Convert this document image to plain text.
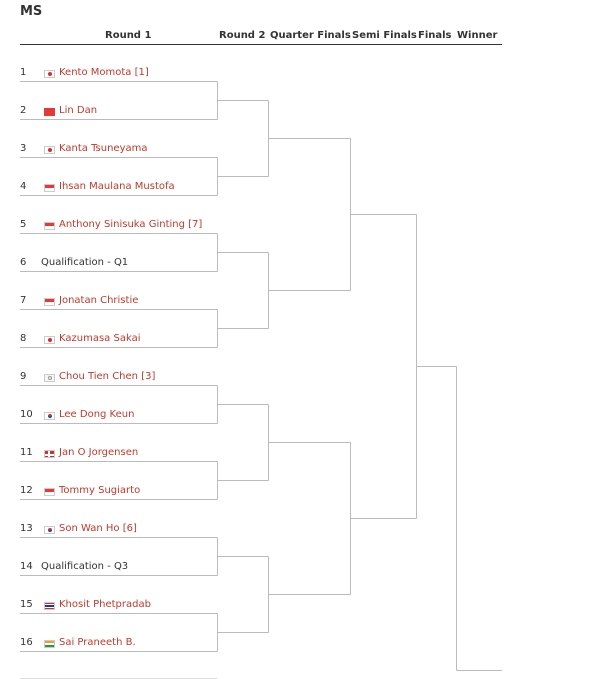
MS
Round 1	Round 2 Quarter Finals Semi Finals Finals Winner
1	Kento Momota [1]
2	Lin Dan
3	Kanta Tsuneyama
4	Ihsan Maulana Mustofa
5	Anthony Sinisuka Ginting [7]
6 Qualification - Q1
7	Jonatan Christie
8	Kazumasa Sakai
9	Chou Tien Chen [3]
10	Lee Dong Keun
11	Jan O Jorgensen
12	Tommy Sugiarto
13	Son Wan Ho [6]
14 Qualification - Q3
15	Khosit Phetpradab
16	Sai Praneeth B.
